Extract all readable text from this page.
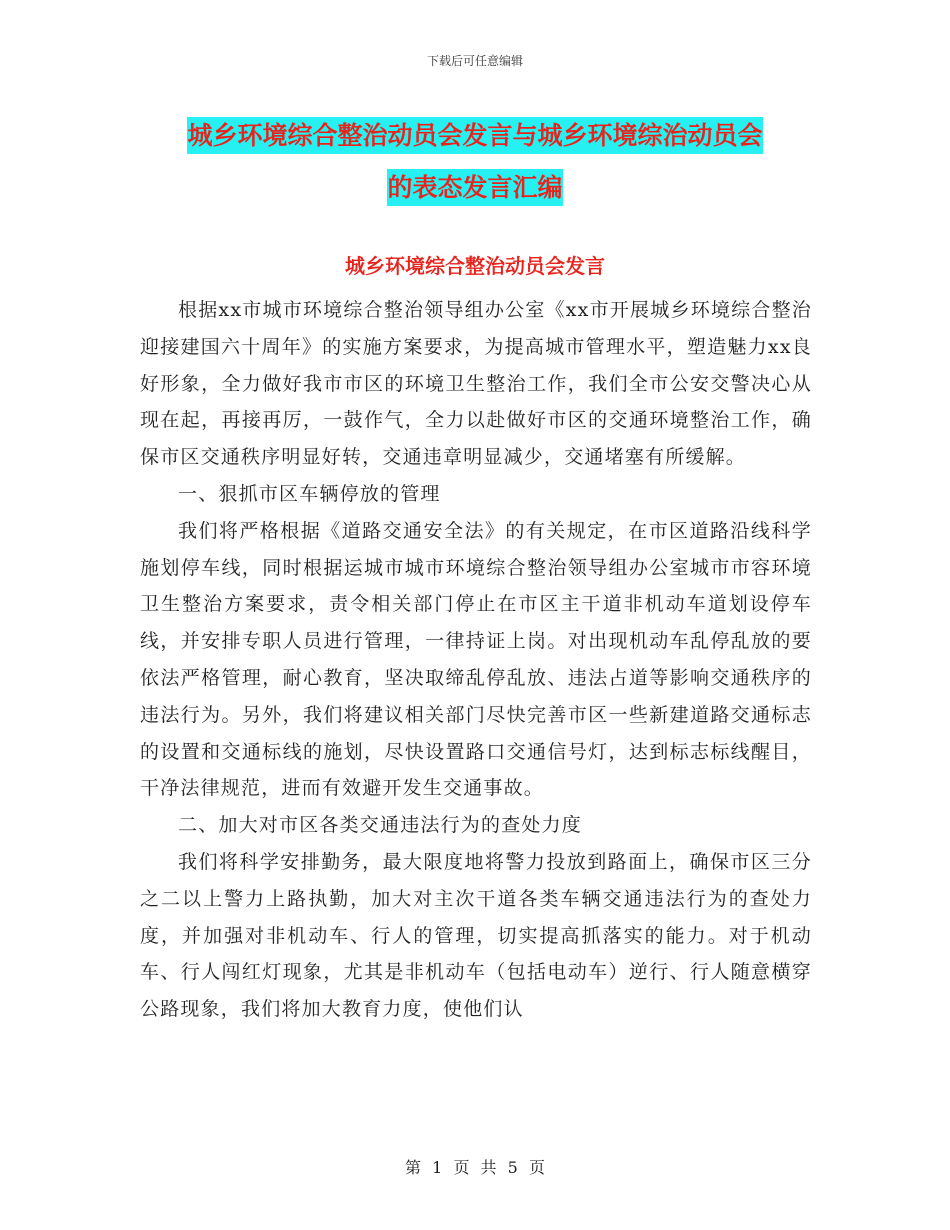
下载后可任意编辑
城乡环境综合整治动员会发言与城乡环境综治动员会
的表态发言汇编
城乡环境综合整治动员会发言

根据xx市城市环境综合整治领导组办公室《xx市开展城乡环境综合整治迎接建国六十周年》的实施方案要求，为提高城市管理水平，塑造魅力xx良好形象，全力做好我市市区的环境卫生整治工作，我们全市公安交警决心从现在起，再接再厉，一鼓作气，全力以赴做好市区的交通环境整治工作，确保市区交通秩序明显好转，交通违章明显减少，交通堵塞有所缓解。

一、狠抓市区车辆停放的管理

我们将严格根据《道路交通安全法》的有关规定，在市区道路沿线科学施划停车线，同时根据运城市城市环境综合整治领导组办公室城市市容环境卫生整治方案要求，责令相关部门停止在市区主干道非机动车道划设停车线，并安排专职人员进行管理，一律持证上岗。对出现机动车乱停乱放的要依法严格管理，耐心教育，坚决取缔乱停乱放、违法占道等影响交通秩序的违法行为。另外，我们将建议相关部门尽快完善市区一些新建道路交通标志的设置和交通标线的施划，尽快设置路口交通信号灯，达到标志标线醒目，干净法律规范，进而有效避开发生交通事故。

二、加大对市区各类交通违法行为的查处力度

我们将科学安排勤务，最大限度地将警力投放到路面上，确保市区三分之二以上警力上路执勤，加大对主次干道各类车辆交通违法行为的查处力度，并加强对非机动车、行人的管理，切实提高抓落实的能力。对于机动车、行人闯红灯现象，尤其是非机动车（包括电动车）逆行、行人随意横穿公路现象，我们将加大教育力度，使他们认

第 1 页 共 5 页
